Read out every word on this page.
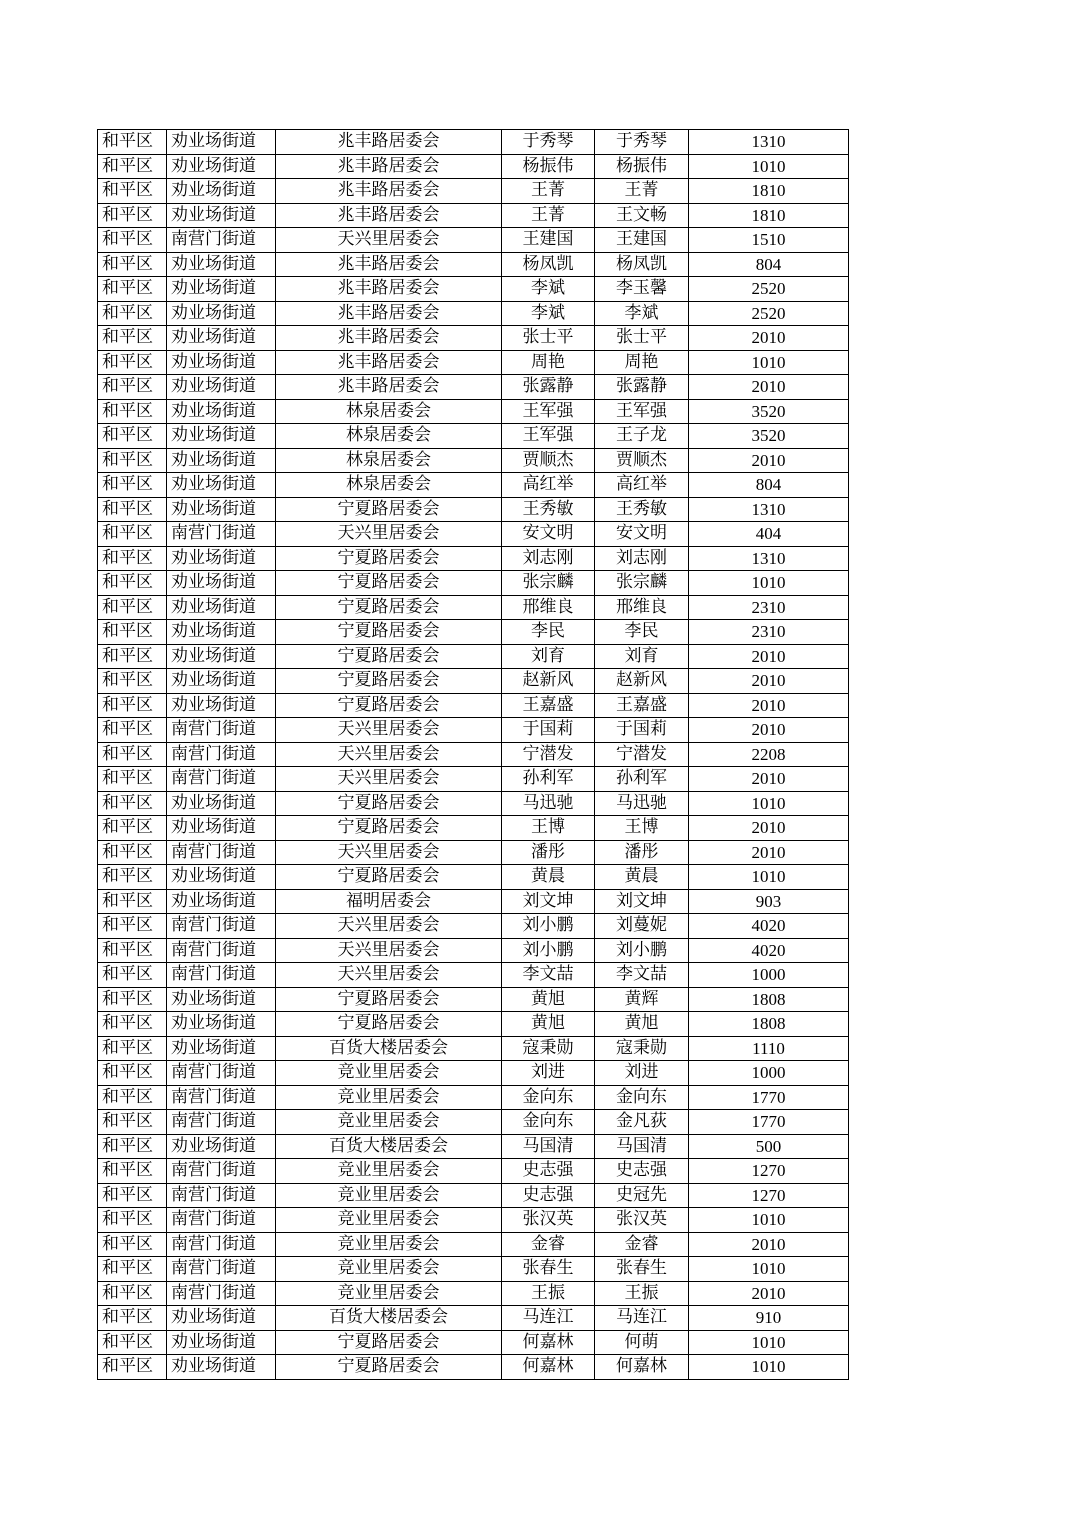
和平区	劝业场街道	兆丰路居委会	于秀琴	于秀琴	1310
和平区	劝业场街道	兆丰路居委会	杨振伟	杨振伟	1010
和平区	劝业场街道	兆丰路居委会	王菁	王菁	1810
和平区	劝业场街道	兆丰路居委会	王菁	王文畅	1810
和平区	南营门街道	天兴里居委会	王建国	王建国	1510
和平区	劝业场街道	兆丰路居委会	杨凤凯	杨凤凯	804
和平区	劝业场街道	兆丰路居委会	李斌	李玉馨	2520
和平区	劝业场街道	兆丰路居委会	李斌	李斌	2520
和平区	劝业场街道	兆丰路居委会	张士平	张士平	2010
和平区	劝业场街道	兆丰路居委会	周艳	周艳	1010
和平区	劝业场街道	兆丰路居委会	张露静	张露静	2010
和平区	劝业场街道	林泉居委会	王军强	王军强	3520
和平区	劝业场街道	林泉居委会	王军强	王子龙	3520
和平区	劝业场街道	林泉居委会	贾顺杰	贾顺杰	2010
和平区	劝业场街道	林泉居委会	高红举	高红举	804
和平区	劝业场街道	宁夏路居委会	王秀敏	王秀敏	1310
和平区	南营门街道	天兴里居委会	安文明	安文明	404
和平区	劝业场街道	宁夏路居委会	刘志刚	刘志刚	1310
和平区	劝业场街道	宁夏路居委会	张宗麟	张宗麟	1010
和平区	劝业场街道	宁夏路居委会	邢维良	邢维良	2310
和平区	劝业场街道	宁夏路居委会	李民	李民	2310
和平区	劝业场街道	宁夏路居委会	刘育	刘育	2010
和平区	劝业场街道	宁夏路居委会	赵新风	赵新风	2010
和平区	劝业场街道	宁夏路居委会	王嘉盛	王嘉盛	2010
和平区	南营门街道	天兴里居委会	于国莉	于国莉	2010
和平区	南营门街道	天兴里居委会	宁潜发	宁潜发	2208
和平区	南营门街道	天兴里居委会	孙利军	孙利军	2010
和平区	劝业场街道	宁夏路居委会	马迅驰	马迅驰	1010
和平区	劝业场街道	宁夏路居委会	王博	王博	2010
和平区	南营门街道	天兴里居委会	潘彤	潘彤	2010
和平区	劝业场街道	宁夏路居委会	黄晨	黄晨	1010
和平区	劝业场街道	福明居委会	刘文坤	刘文坤	903
和平区	南营门街道	天兴里居委会	刘小鹏	刘蔓妮	4020
和平区	南营门街道	天兴里居委会	刘小鹏	刘小鹏	4020
和平区	南营门街道	天兴里居委会	李文喆	李文喆	1000
和平区	劝业场街道	宁夏路居委会	黄旭	黄辉	1808
和平区	劝业场街道	宁夏路居委会	黄旭	黄旭	1808
和平区	劝业场街道	百货大楼居委会	寇秉勋	寇秉勋	1110
和平区	南营门街道	竞业里居委会	刘进	刘进	1000
和平区	南营门街道	竞业里居委会	金向东	金向东	1770
和平区	南营门街道	竞业里居委会	金向东	金凡荻	1770
和平区	劝业场街道	百货大楼居委会	马国清	马国清	500
和平区	南营门街道	竞业里居委会	史志强	史志强	1270
和平区	南营门街道	竞业里居委会	史志强	史冠先	1270
和平区	南营门街道	竞业里居委会	张汉英	张汉英	1010
和平区	南营门街道	竞业里居委会	金睿	金睿	2010
和平区	南营门街道	竞业里居委会	张春生	张春生	1010
和平区	南营门街道	竞业里居委会	王振	王振	2010
和平区	劝业场街道	百货大楼居委会	马连江	马连江	910
和平区	劝业场街道	宁夏路居委会	何嘉林	何萌	1010
和平区	劝业场街道	宁夏路居委会	何嘉林	何嘉林	1010
